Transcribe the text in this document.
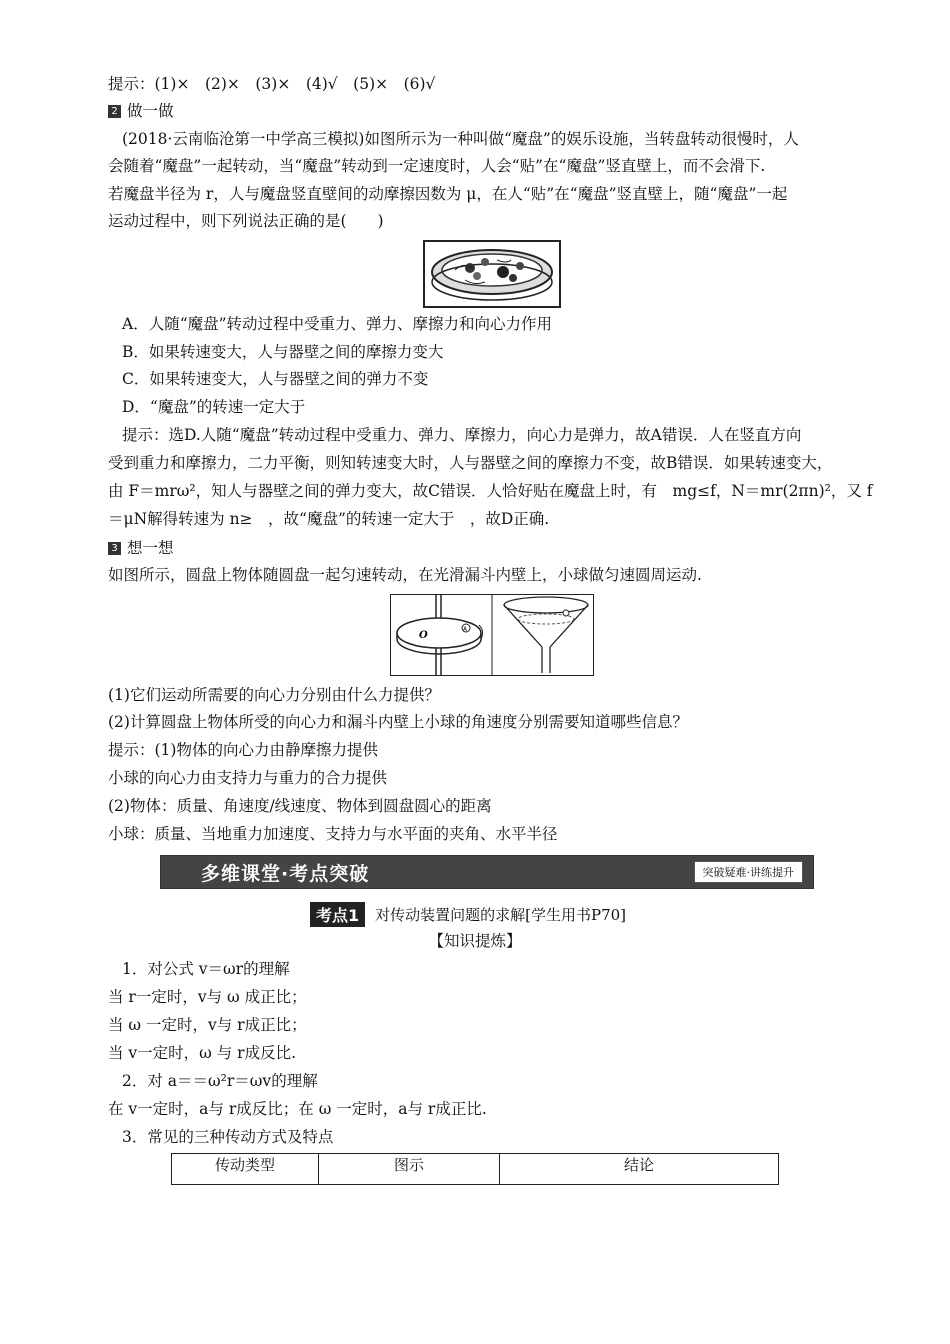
提示：(1)×　(2)×　(3)×　(4)√　(5)×　(6)√
2 做一做
(2018·云南临沧第一中学高三模拟)如图所示为一种叫做“魔盘”的娱乐设施，当转盘转动很慢时，人
会随着“魔盘”一起转动，当“魔盘”转动到一定速度时，人会“贴”在“魔盘”竖直壁上，而不会滑下.
若魔盘半径为 r，人与魔盘竖直壁间的动摩擦因数为 μ，在人“贴”在“魔盘”竖直壁上，随“魔盘”一起
运动过程中，则下列说法正确的是(　　)
A．人随“魔盘”转动过程中受重力、弹力、摩擦力和向心力作用
B．如果转速变大，人与器壁之间的摩擦力变大
C．如果转速变大，人与器壁之间的弹力不变
D．“魔盘”的转速一定大于
提示：选D.人随“魔盘”转动过程中受重力、弹力、摩擦力，向心力是弹力，故A错误．人在竖直方向
受到重力和摩擦力，二力平衡，则知转速变大时，人与器壁之间的摩擦力不变，故B错误．如果转速变大，
由 F＝mrω²，知人与器壁之间的弹力变大，故C错误．人恰好贴在魔盘上时，有　mg≤f，N＝mr(2πn)²，又 f
＝μN解得转速为 n≥　，故“魔盘”的转速一定大于　，故D正确.
3 想一想
如图所示，圆盘上物体随圆盘一起匀速转动，在光滑漏斗内壁上，小球做匀速圆周运动.
O
A
(1)它们运动所需要的向心力分别由什么力提供？
(2)计算圆盘上物体所受的向心力和漏斗内壁上小球的角速度分别需要知道哪些信息？
提示：(1)物体的向心力由静摩擦力提供
小球的向心力由支持力与重力的合力提供
(2)物体：质量、角速度/线速度、物体到圆盘圆心的距离
小球：质量、当地重力加速度、支持力与水平面的夹角、水平半径
多维课堂·考点突破	突破疑难·讲练提升
考点1	对传动装置问题的求解[学生用书P70]
【知识提炼】
1．对公式 v＝ωr的理解
当 r一定时，v与 ω 成正比；
当 ω 一定时，v与 r成正比；
当 v一定时，ω 与 r成反比.
2．对 a＝＝ω²r＝ωv的理解
在 v一定时，a与 r成反比；在 ω 一定时，a与 r成正比.
3．常见的三种传动方式及特点
传动类型	图示	结论
